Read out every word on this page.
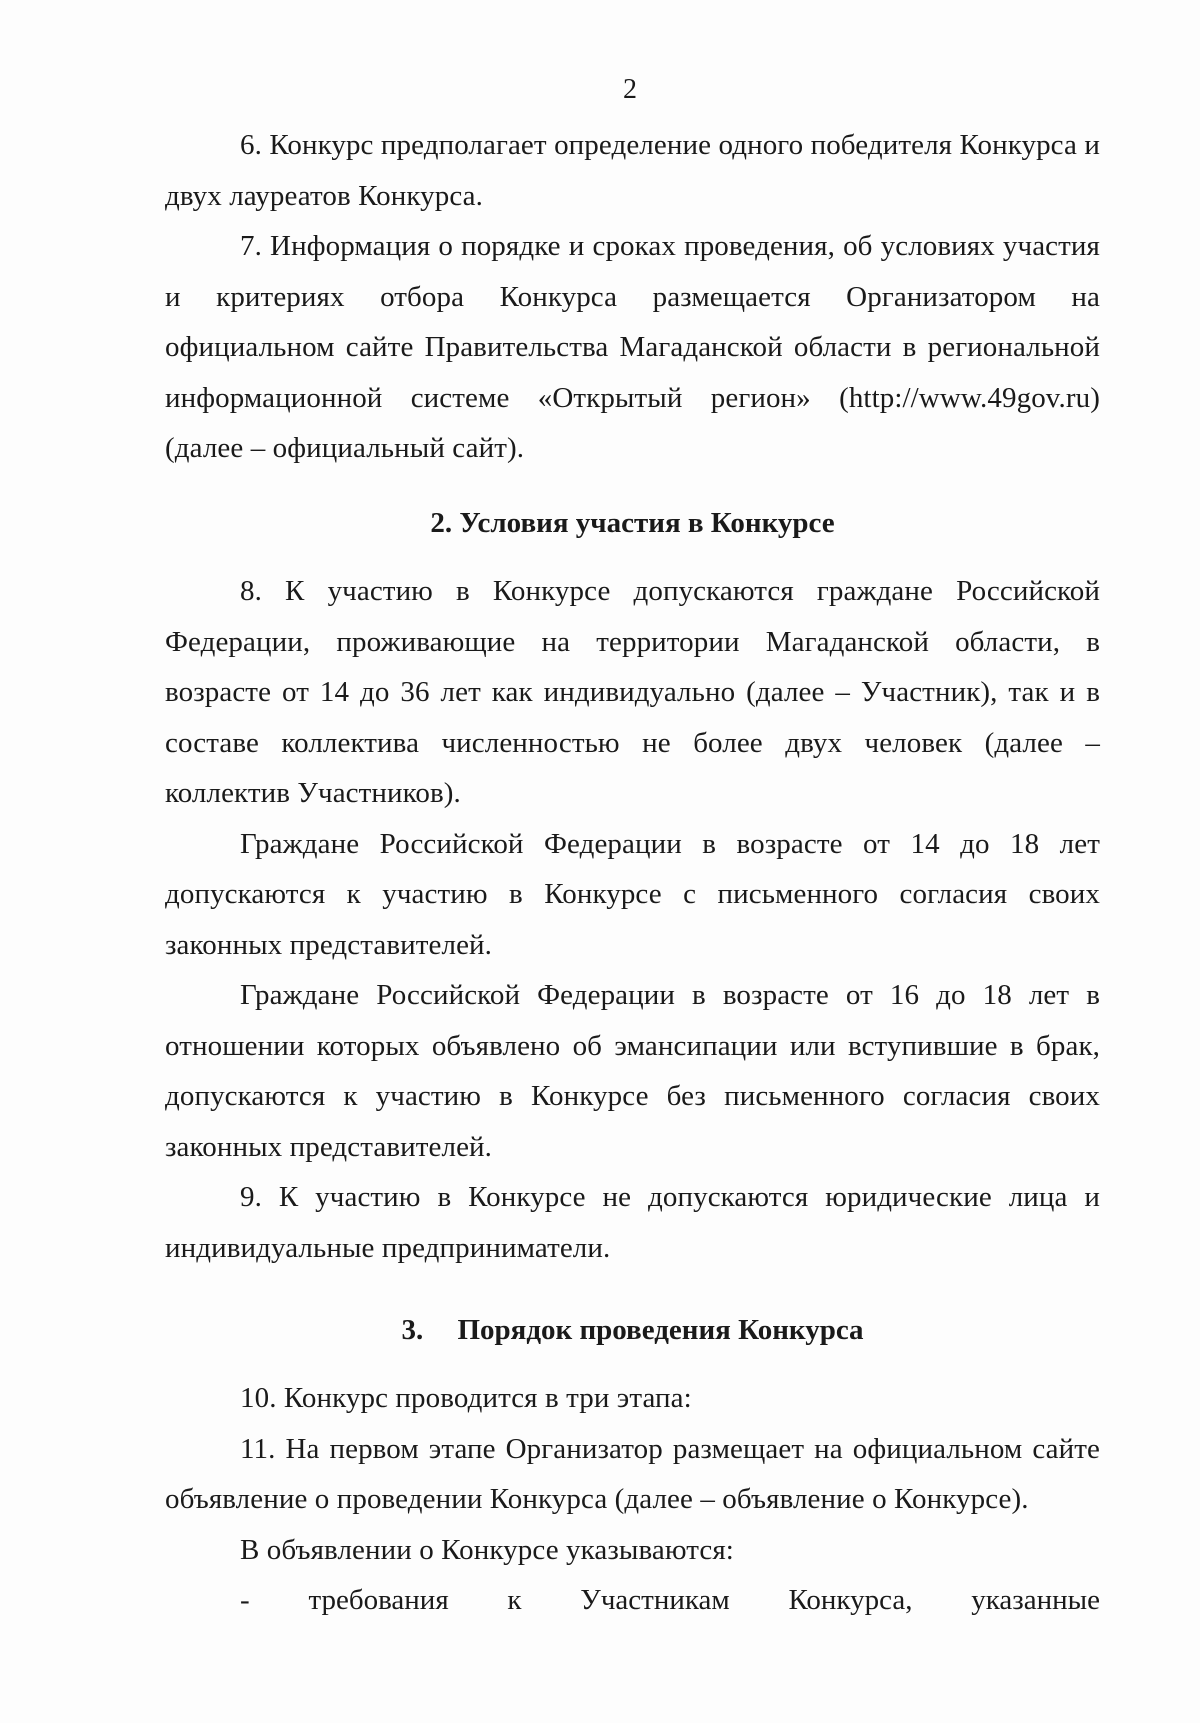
2

6. Конкурс предполагает определение одного победителя Конкурса и двух лауреатов Конкурса.

7. Информация о порядке и сроках проведения, об условиях участия и критериях отбора Конкурса размещается Организатором на официальном сайте Правительства Магаданской области в региональной информационной системе «Открытый регион» (http://www.49gov.ru) (далее – официальный сайт).

2. Условия участия в Конкурсе

8. К участию в Конкурсе допускаются граждане Российской Федерации, проживающие на территории Магаданской области, в возрасте от 14 до 36 лет как индивидуально (далее – Участник), так и в составе коллектива численностью не более двух человек (далее –коллектив Участников).

Граждане Российской Федерации в возрасте от 14 до 18 лет допускаются к участию в Конкурсе с письменного согласия своих законных представителей.

Граждане Российской Федерации в возрасте от 16 до 18 лет в отношении которых объявлено об эмансипации или вступившие в брак, допускаются к участию в Конкурсе без письменного согласия своих законных представителей.

9. К участию в Конкурсе не допускаются юридические лица и индивидуальные предприниматели.

3. Порядок проведения Конкурса

10. Конкурс проводится в три этапа:

11. На первом этапе Организатор размещает на официальном сайте объявление о проведении Конкурса (далее – объявление о Конкурсе).

В объявлении о Конкурсе указываются:

- требования к Участникам Конкурса, указанные
